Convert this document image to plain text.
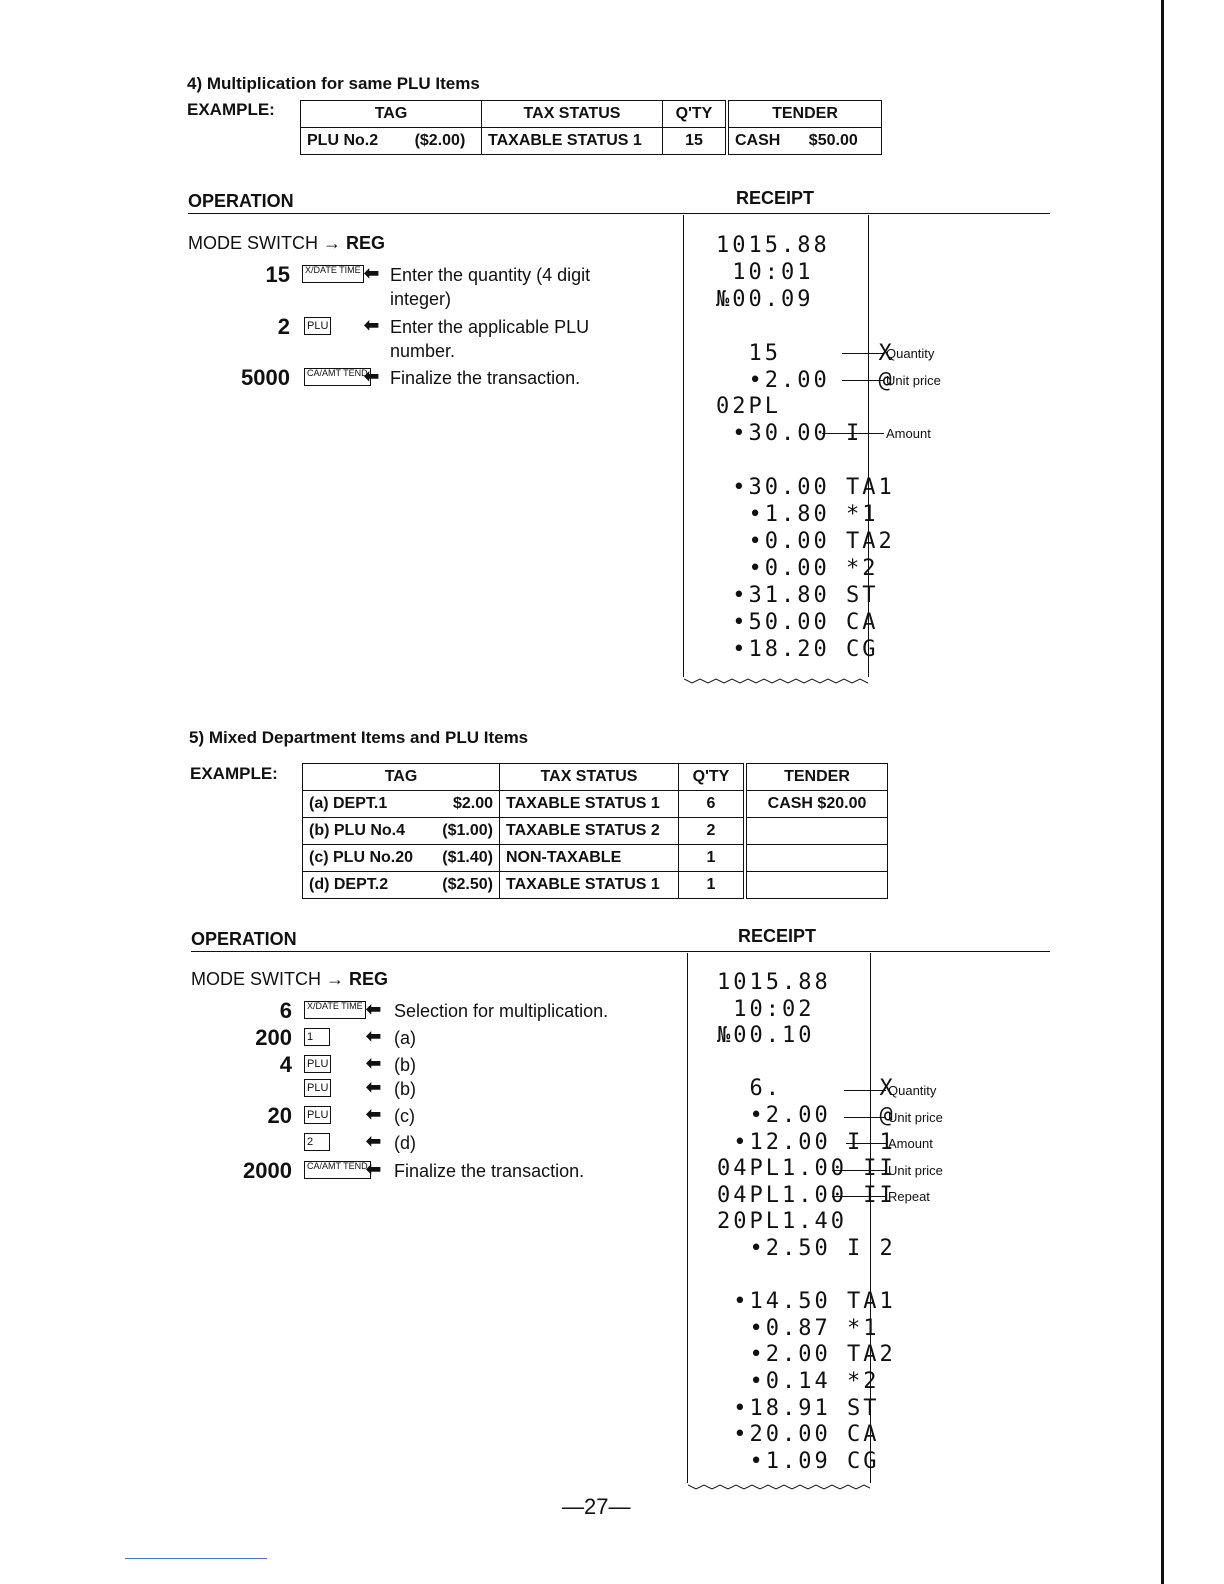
4) Multiplication for same PLU Items
EXAMPLE:	TAG	TAX STATUS	Q'TY	TENDER
PLU No.2 ($2.00)	TAXABLE STATUS 1	15	CASH $50.00
OPERATION	RECEIPT
MODE SWITCH → REG
15	X/DATE TIME ⬅ Enter the quantity (4 digit integer)
2 PLU ⬅ Enter the applicable PLU number.
5000	CA/AMT TEND
⬅ Finalize the transaction.
1015.88
10:01
№00.09
15      X
•2.00   @
02PL
•30.00 I
•30.00 TA1
•1.80 *1
•0.00 TA2
•0.00 *2
•31.80 ST
•50.00 CA
•18.20 CG
Quantity
Unit price
Amount
5) Mixed Department Items and PLU Items
EXAMPLE:	TAG	TAX STATUS	Q'TY	TENDER
(a) DEPT.1 $2.00	TAXABLE STATUS 1	6	CASH $20.00
(b) PLU No.4 ($1.00)	TAXABLE STATUS 2	2	
(c) PLU No.20 ($1.40)	NON-TAXABLE	1	
(d) DEPT.2 ($2.50)	TAXABLE STATUS 1	1	
OPERATION	RECEIPT
MODE SWITCH → REG
6	X/DATE TIME ⬅ Selection for multiplication.
200 1	⬅ (a)
4 PLU ⬅ (b)
PLU ⬅ (b)
20 PLU ⬅ (c)
2	⬅ (d)
2000	CA/AMT TEND
⬅ Finalize the transaction.
1015.88
10:02
№00.10
6.      X
•2.00   @
•12.00 I 1
04PL1.00 II
04PL1.00 II
20PL1.40
•2.50 I 2
•14.50 TA1
•0.87 *1
•2.00 TA2
•0.14 *2
•18.91 ST
•20.00 CA
•1.09 CG
Quantity
Unit price
Amount
Unit price
Repeat
—27—
